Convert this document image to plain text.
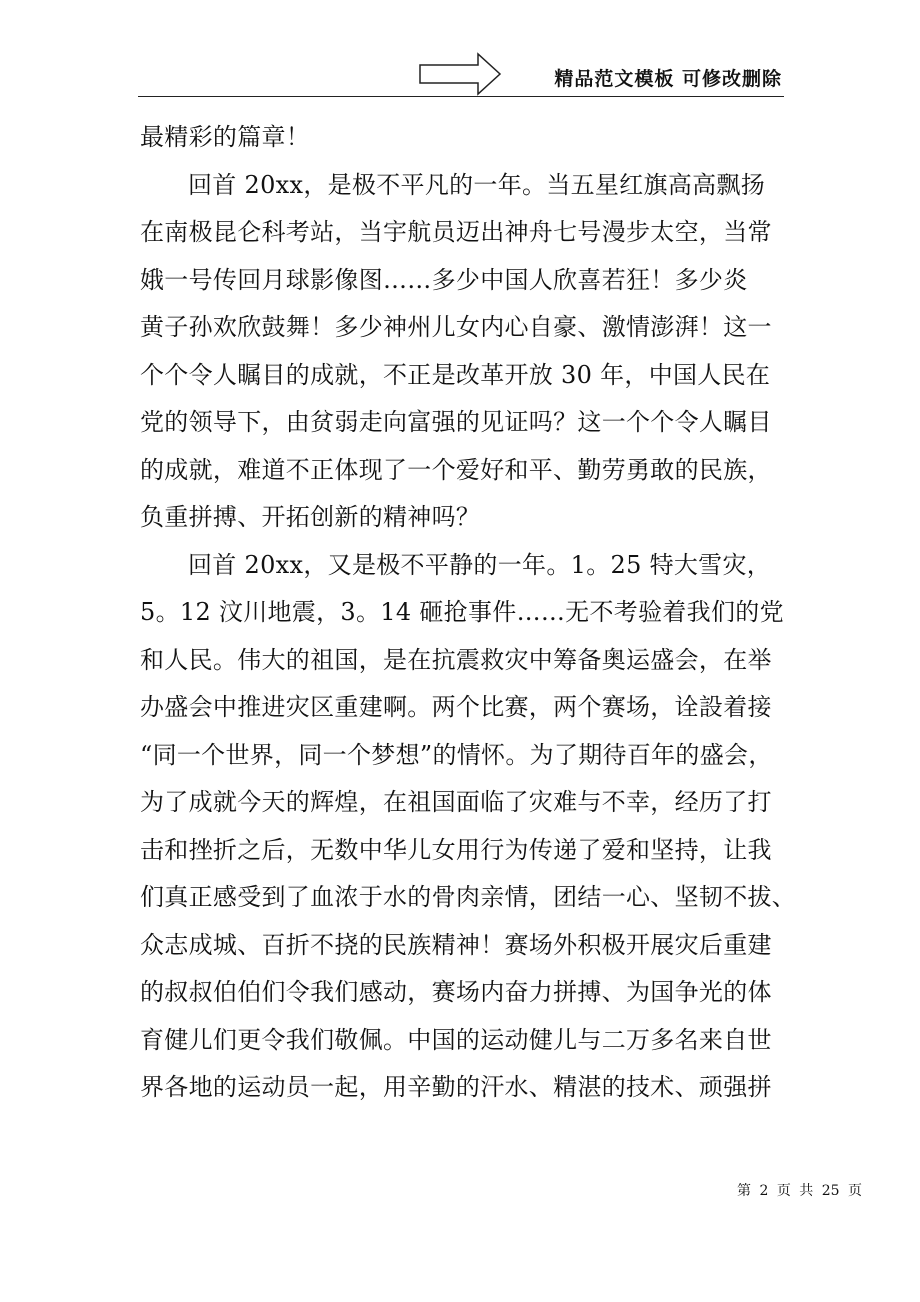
精品范文模板 可修改删除
最精彩的篇章！
回首 20xx，是极不平凡的一年。当五星红旗高高飘扬
在南极昆仑科考站，当宇航员迈出神舟七号漫步太空，当常
娥一号传回月球影像图……多少中国人欣喜若狂！多少炎
黄子孙欢欣鼓舞！多少神州儿女内心自豪、激情澎湃！这一
个个令人瞩目的成就，不正是改革开放 30 年，中国人民在
党的领导下，由贫弱走向富强的见证吗？这一个个令人瞩目
的成就，难道不正体现了一个爱好和平、勤劳勇敢的民族，
负重拼搏、开拓创新的精神吗？
回首 20xx，又是极不平静的一年。1。25 特大雪灾，
5。12 汶川地震，3。14 砸抢事件……无不考验着我们的党
和人民。伟大的祖国，是在抗震救灾中筹备奥运盛会，在举
办盛会中推进灾区重建啊。两个比赛，两个赛场，诠設着接
“同一个世界，同一个梦想”的情怀。为了期待百年的盛会，
为了成就今天的辉煌，在祖国面临了灾难与不幸，经历了打
击和挫折之后，无数中华儿女用行为传递了爱和坚持，让我
们真正感受到了血浓于水的骨肉亲情，团结一心、坚韧不拔、
众志成城、百折不挠的民族精神！赛场外积极开展灾后重建
的叔叔伯伯们令我们感动，赛场内奋力拼搏、为国争光的体
育健儿们更令我们敬佩。中国的运动健儿与二万多名来自世
界各地的运动员一起，用辛勤的汗水、精湛的技术、顽强拼
第 2 页 共 25 页
